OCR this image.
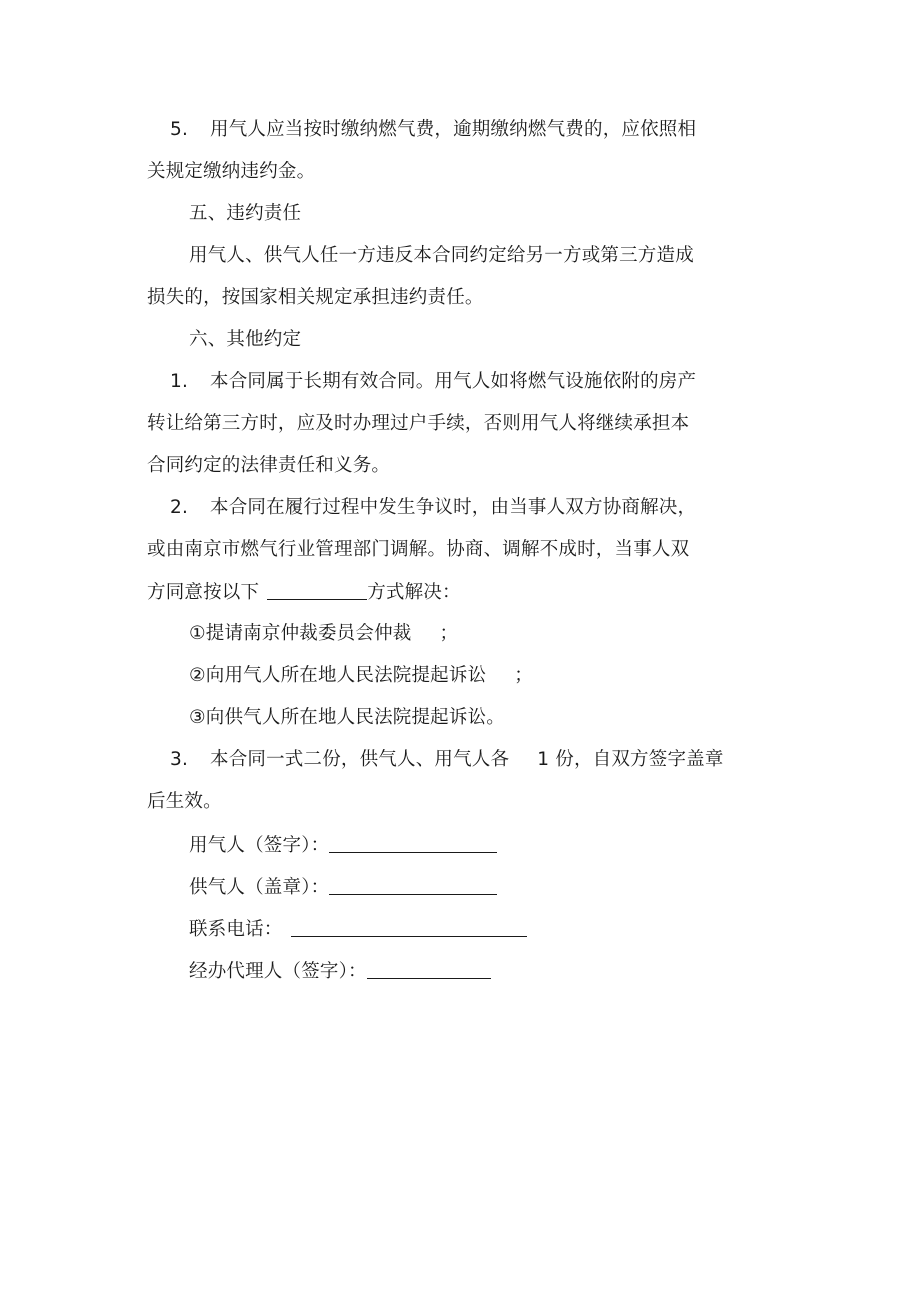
5. 用气人应当按时缴纳燃气费，逾期缴纳燃气费的，应依照相
关规定缴纳违约金。
五、违约责任
用气人、供气人任一方违反本合同约定给另一方或第三方造成
损失的，按国家相关规定承担违约责任。
六、其他约定
1. 本合同属于长期有效合同。用气人如将燃气设施依附的房产
转让给第三方时，应及时办理过户手续，否则用气人将继续承担本
合同约定的法律责任和义务。
2. 本合同在履行过程中发生争议时，由当事人双方协商解决，
或由南京市燃气行业管理部门调解。协商、调解不成时，当事人双
方同意按以下	方式解决：
①提请南京仲裁委员会仲裁 ；
②向用气人所在地人民法院提起诉讼 ；
③向供气人所在地人民法院提起诉讼。
3. 本合同一式二份，供气人、用气人各 1 份，自双方签字盖章
后生效。
用气人（签字）：
供气人（盖章）：
联系电话：
经办代理人（签字）：
